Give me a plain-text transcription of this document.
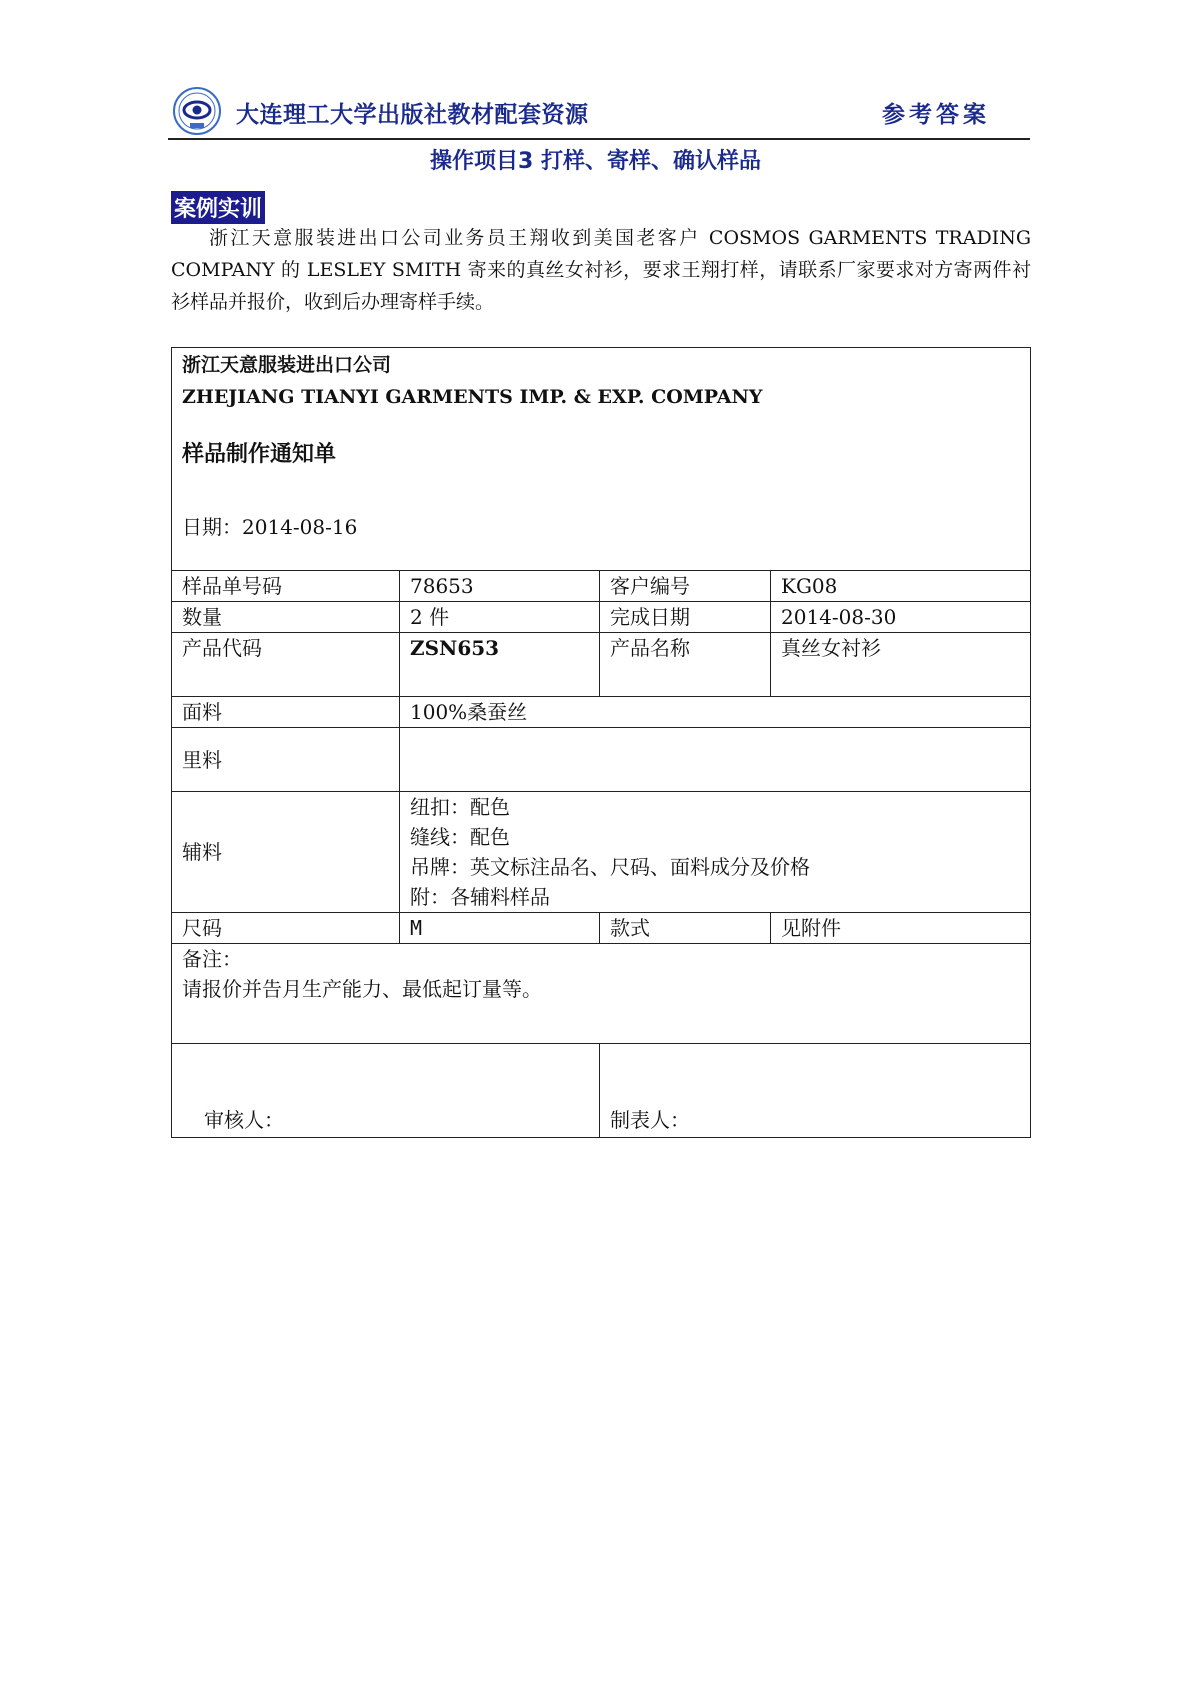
大连理工大学出版社教材配套资源	参考答案
操作项目3 打样、寄样、确认样品
案例实训

浙江天意服装进出口公司业务员王翔收到美国老客户 COSMOS GARMENTS TRADING COMPANY 的 LESLEY SMITH 寄来的真丝女衬衫，要求王翔打样，请联系厂家要求对方寄两件衬衫样品并报价，收到后办理寄样手续。

浙江天意服装进出口公司
ZHEJIANG TIANYI GARMENTS IMP. & EXP. COMPANY
样品制作通知单
日期：2014-08-16			

样品单号码	78653	客户编号	KG08
数量	2 件	完成日期	2014-08-30
产品代码	ZSN653	产品名称	真丝女衬衫
面料	100%桑蚕丝		
里料			
辅料	纽扣：配色
缝线：配色
吊牌：英文标注品名、尺码、面料成分及价格
附：各辅料样品		

尺码	M	款式	见附件

备注：
请报价并告月生产能力、最低起订量等。			

审核人：		制表人：	
